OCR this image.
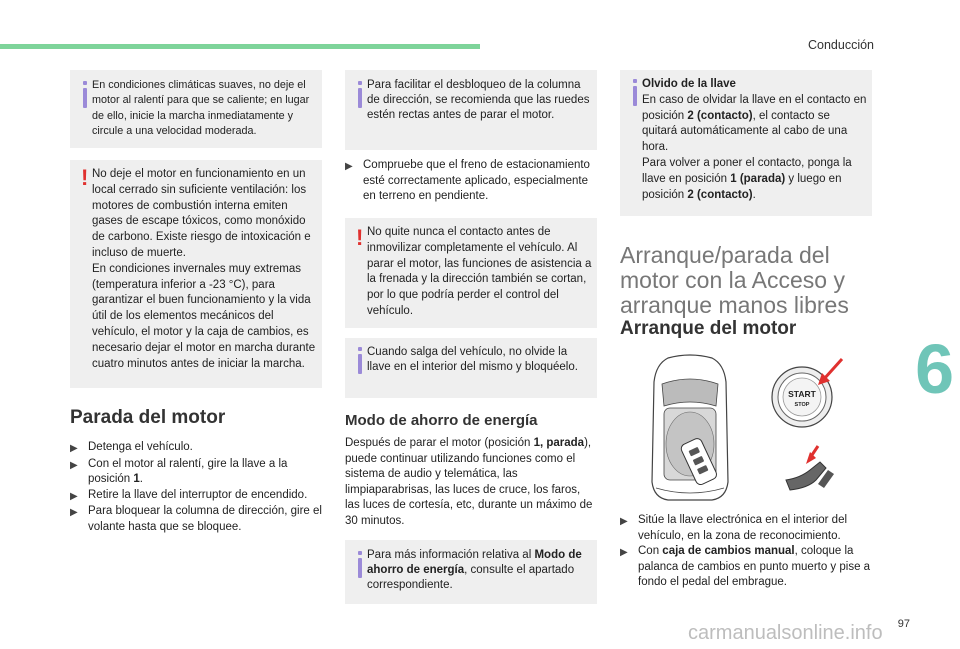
Conducción

En condiciones climáticas suaves, no deje el motor al ralentí para que se caliente; en lugar de ello, inicie la marcha inmediatamente y circule a una velocidad moderada.

! No deje el motor en funcionamiento en un local cerrado sin suficiente ventilación: los motores de combustión interna emiten gases de escape tóxicos, como monóxido de carbono. Existe riesgo de intoxicación e incluso de muerte.

En condiciones invernales muy extremas (temperatura inferior a -23 °C), para garantizar el buen funcionamiento y la vida útil de los elementos mecánicos del vehículo, el motor y la caja de cambios, es necesario dejar el motor en marcha durante cuatro minutos antes de iniciar la marcha.

Parada del motor
▶ Detenga el vehículo.
▶ Con el motor al ralentí, gire la llave a la posición 1.
▶ Retire la llave del interruptor de encendido.
▶ Para bloquear la columna de dirección, gire el volante hasta que se bloquee.

Para facilitar el desbloqueo de la columna de dirección, se recomienda que las ruedes estén rectas antes de parar el motor.

▶ Compruebe que el freno de estacionamiento esté correctamente aplicado, especialmente en terreno en pendiente.
! No quite nunca el contacto antes de inmovilizar completamente el vehículo. Al parar el motor, las funciones de asistencia a la frenada y la dirección también se cortan, por lo que podría perder el control del vehículo.

Cuando salga del vehículo, no olvide la llave en el interior del mismo y bloquéelo.

Modo de ahorro de energía
Después de parar el motor (posición 1, parada), puede continuar utilizando funciones como el sistema de audio y telemática, las limpiaparabrisas, las luces de cruce, los faros, las luces de cortesía, etc, durante un máximo de 30 minutos.

Para más información relativa al Modo de ahorro de energía, consulte el apartado correspondiente.

Olvido de la llave

En caso de olvidar la llave en el contacto en posición 2 (contacto), el contacto se quitará automáticamente al cabo de una hora.

Para volver a poner el contacto, ponga la llave en posición 1 (parada) y luego en posición 2 (contacto).

Arranque/parada del motor con la Acceso y arranque manos libres
Arranque del motor
START
STOP
▶ Sitúe la llave electrónica en el interior del vehículo, en la zona de reconocimiento.
▶ Con caja de cambios manual, coloque la palanca de cambios en punto muerto y pise a fondo el pedal del embrague.
6
97
carmanualsonline.info
